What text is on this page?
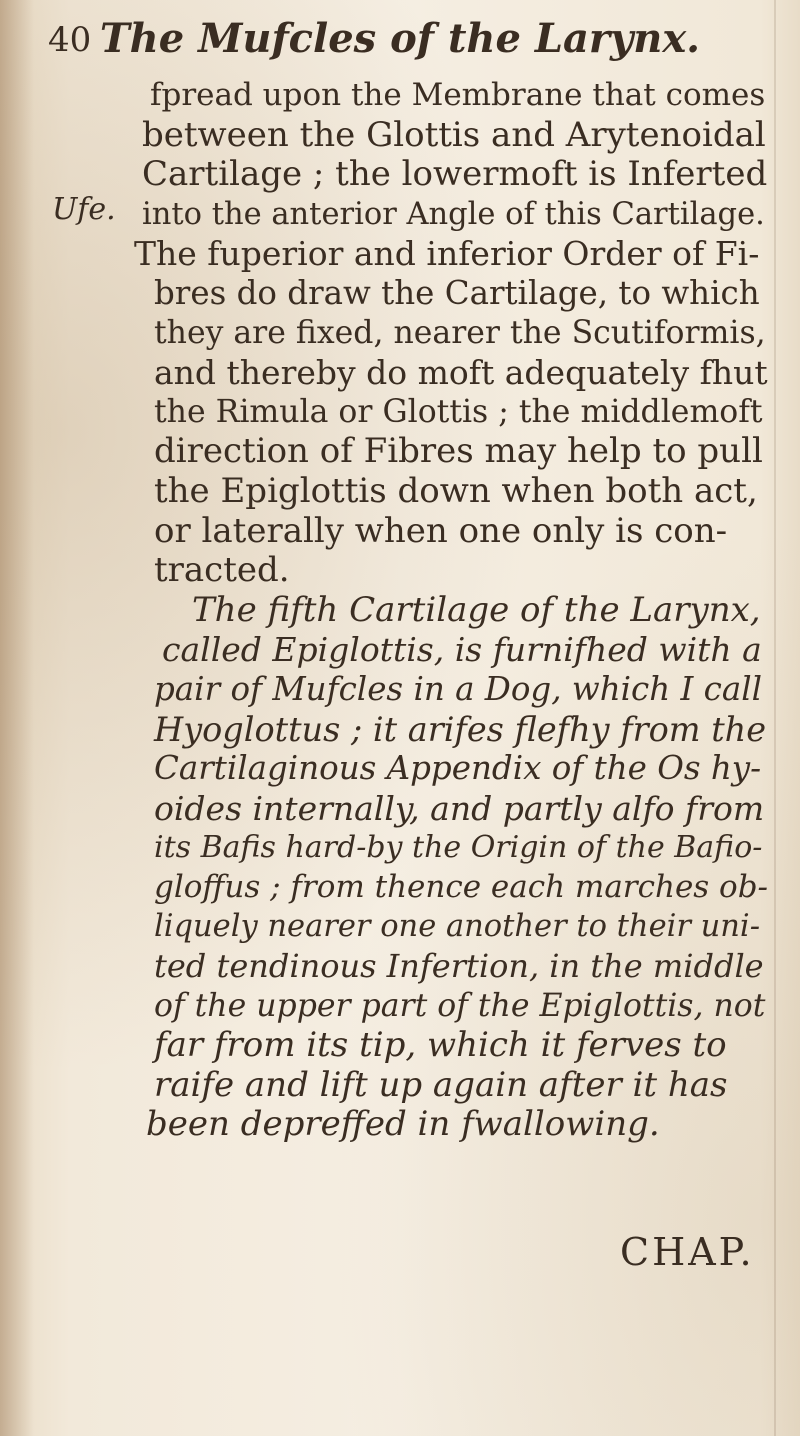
40 The Mufcles of the Larynx.

Ufe.

fpread upon the Membrane that comes
between the Glottis and Arytenoidal
Cartilage ; the lowermoft is Inferted
into the anterior Angle of this Cartilage.
The fuperior and inferior Order of Fi-
bres do draw the Cartilage, to which
they are fixed, nearer the Scutiformis,
and thereby do moft adequately fhut
the Rimula or Glottis ; the middlemoft
direction of Fibres may help to pull
the Epiglottis down when both act,
or laterally when one only is con-
tracted.
The fifth Cartilage of the Larynx,
called Epiglottis, is furnifhed with a
pair of Mufcles in a Dog, which I call
Hyoglottus ; it arifes flefhy from the
Cartilaginous Appendix of the Os hy-
oides internally, and partly alfo from
its Bafis hard-by the Origin of the Bafio-
gloffus ; from thence each marches ob-
liquely nearer one another to their uni-
ted tendinous Infertion, in the middle
of the upper part of the Epiglottis, not
far from its tip, which it ferves to
raife and lift up again after it has
been depreffed in fwallowing.

CHAP.
